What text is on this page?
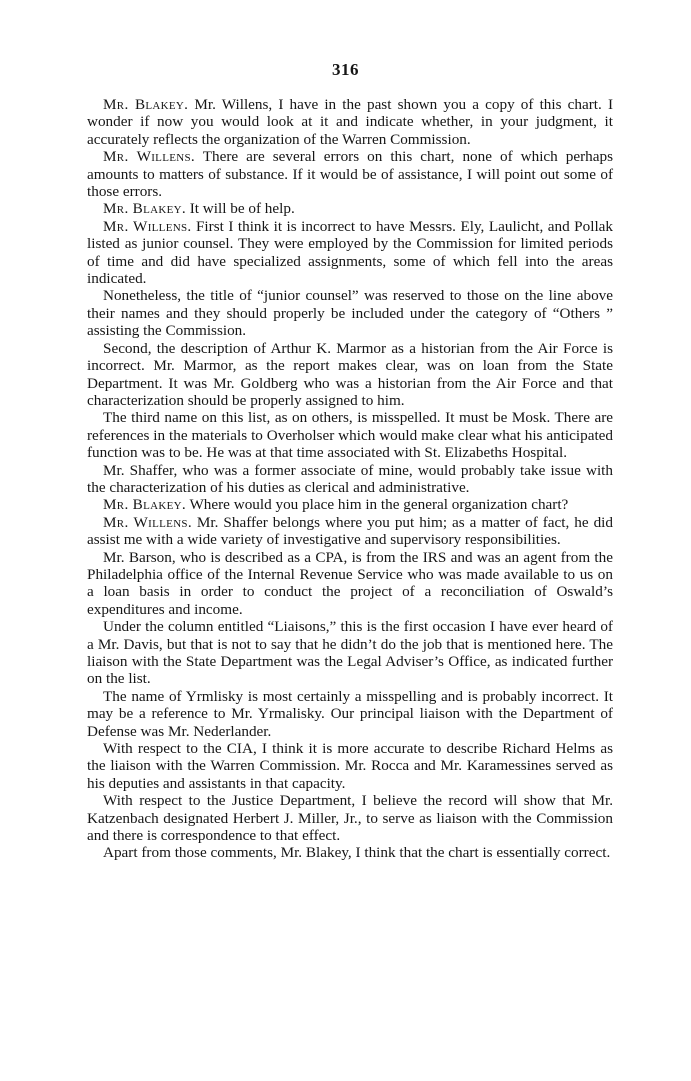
316

Mr. Blakey. Mr. Willens, I have in the past shown you a copy of this chart. I wonder if now you would look at it and indicate whether, in your judgment, it accurately reflects the organization of the Warren Commission.

Mr. Willens. There are several errors on this chart, none of which perhaps amounts to matters of substance. If it would be of assistance, I will point out some of those errors.

Mr. Blakey. It will be of help.

Mr. Willens. First I think it is incorrect to have Messrs. Ely, Laulicht, and Pollak listed as junior counsel. They were employed by the Commission for limited periods of time and did have specialized assignments, some of which fell into the areas indicated.

Nonetheless, the title of “junior counsel” was reserved to those on the line above their names and they should properly be included under the category of “Others ” assisting the Commission.

Second, the description of Arthur K. Marmor as a historian from the Air Force is incorrect. Mr. Marmor, as the report makes clear, was on loan from the State Department. It was Mr. Goldberg who was a historian from the Air Force and that characterization should be properly assigned to him.

The third name on this list, as on others, is misspelled. It must be Mosk. There are references in the materials to Overholser which would make clear what his anticipated function was to be. He was at that time associated with St. Elizabeths Hospital.

Mr. Shaffer, who was a former associate of mine, would probably take issue with the characterization of his duties as clerical and administrative.

Mr. Blakey. Where would you place him in the general organization chart?

Mr. Willens. Mr. Shaffer belongs where you put him; as a matter of fact, he did assist me with a wide variety of investigative and supervisory responsibilities.

Mr. Barson, who is described as a CPA, is from the IRS and was an agent from the Philadelphia office of the Internal Revenue Service who was made available to us on a loan basis in order to conduct the project of a reconciliation of Oswald’s expenditures and income.

Under the column entitled “Liaisons,” this is the first occasion I have ever heard of a Mr. Davis, but that is not to say that he didn’t do the job that is mentioned here. The liaison with the State Department was the Legal Adviser’s Office, as indicated further on the list.

The name of Yrmlisky is most certainly a misspelling and is probably incorrect. It may be a reference to Mr. Yrmalisky. Our principal liaison with the Department of Defense was Mr. Nederlander.

With respect to the CIA, I think it is more accurate to describe Richard Helms as the liaison with the Warren Commission. Mr. Rocca and Mr. Karamessines served as his deputies and assistants in that capacity.

With respect to the Justice Department, I believe the record will show that Mr. Katzenbach designated Herbert J. Miller, Jr., to serve as liaison with the Commission and there is correspondence to that effect.

Apart from those comments, Mr. Blakey, I think that the chart is essentially correct.
